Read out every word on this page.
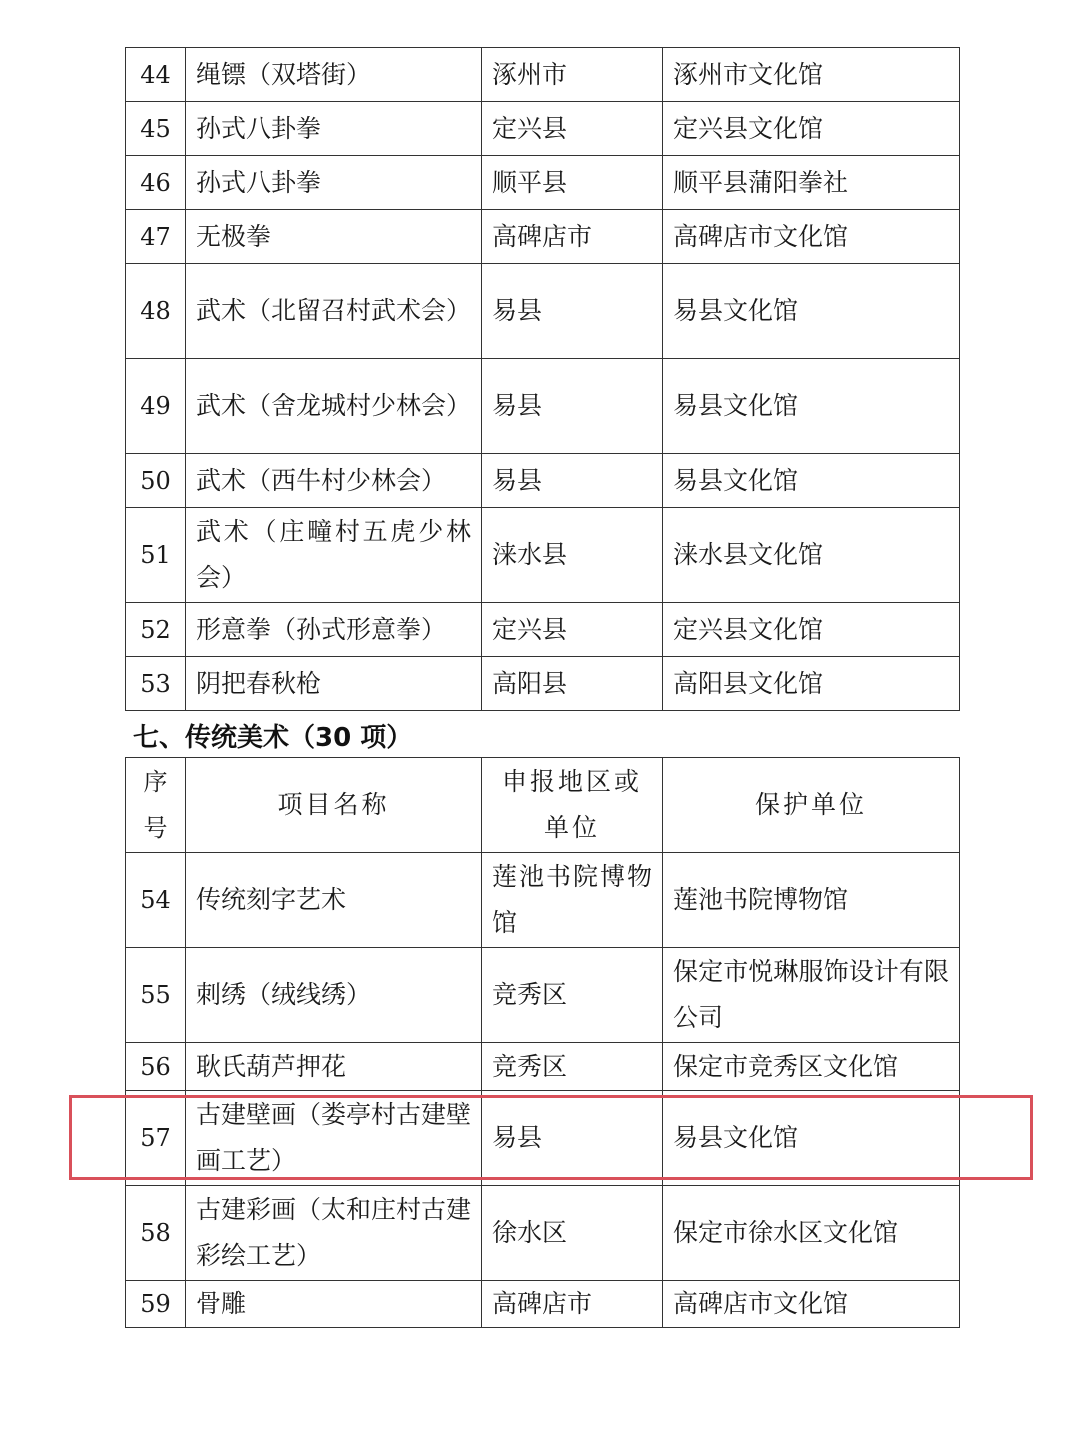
44	绳镖（双塔街）	涿州市	涿州市文化馆
45	孙式八卦拳	定兴县	定兴县文化馆
46	孙式八卦拳	顺平县	顺平县蒲阳拳社
47	无极拳	高碑店市	高碑店市文化馆
48	武术（北留召村武术会）	易县	易县文化馆
49	武术（舍龙城村少林会）	易县	易县文化馆
50	武术（西牛村少林会）	易县	易县文化馆
51	武术（庄疃村五虎少林会）	涞水县	涞水县文化馆
52	形意拳（孙式形意拳）	定兴县	定兴县文化馆
53	阴把春秋枪	高阳县	高阳县文化馆
七、传统美术（30 项）
序号	项目名称	申报地区或单位	保护单位
54	传统刻字艺术	莲池书院博物馆	莲池书院博物馆
55	刺绣（绒线绣）	竞秀区	保定市悦琳服饰设计有限公司
56	耿氏葫芦押花	竞秀区	保定市竞秀区文化馆
57	古建壁画（娄亭村古建壁画工艺）	易县	易县文化馆
58	古建彩画（太和庄村古建彩绘工艺）	徐水区	保定市徐水区文化馆
59	骨雕	高碑店市	高碑店市文化馆
